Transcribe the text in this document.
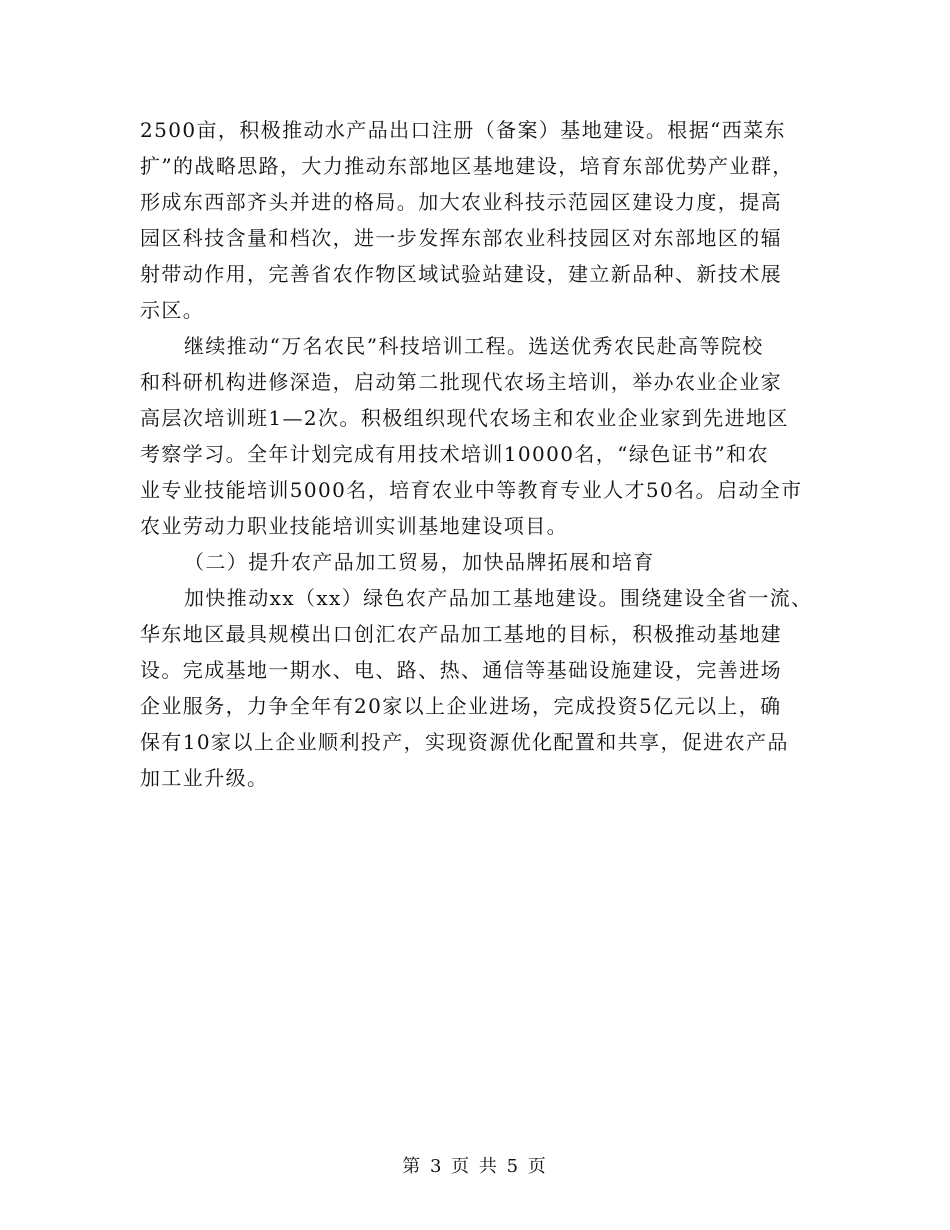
2500亩，积极推动水产品出口注册（备案）基地建设。根据“西菜东
扩”的战略思路，大力推动东部地区基地建设，培育东部优势产业群，
形成东西部齐头并进的格局。加大农业科技示范园区建设力度，提高
园区科技含量和档次，进一步发挥东部农业科技园区对东部地区的辐
射带动作用，完善省农作物区域试验站建设，建立新品种、新技术展
示区。
继续推动“万名农民”科技培训工程。选送优秀农民赴高等院校
和科研机构进修深造，启动第二批现代农场主培训，举办农业企业家
高层次培训班1—2次。积极组织现代农场主和农业企业家到先进地区
考察学习。全年计划完成有用技术培训10000名，“绿色证书”和农
业专业技能培训5000名，培育农业中等教育专业人才50名。启动全市
农业劳动力职业技能培训实训基地建设项目。
（二）提升农产品加工贸易，加快品牌拓展和培育
加快推动xx（xx）绿色农产品加工基地建设。围绕建设全省一流、
华东地区最具规模出口创汇农产品加工基地的目标，积极推动基地建
设。完成基地一期水、电、路、热、通信等基础设施建设，完善进场
企业服务，力争全年有20家以上企业进场，完成投资5亿元以上，确
保有10家以上企业顺利投产，实现资源优化配置和共享，促进农产品
加工业升级。
第 3 页 共 5 页
